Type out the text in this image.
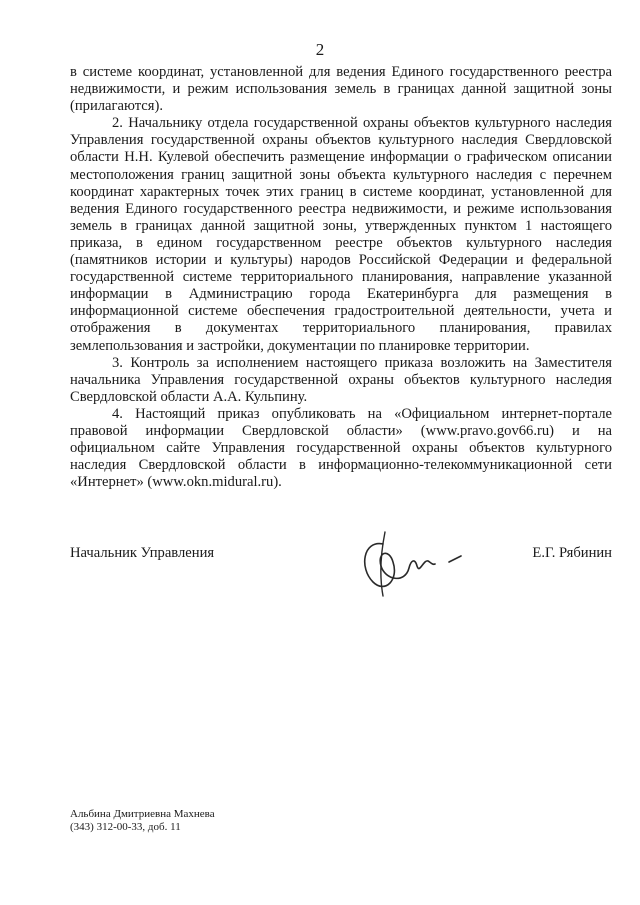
2

в системе координат, установленной для ведения Единого государственного реестра недвижимости, и режим использования земель в границах данной защитной зоны (прилагаются).

2. Начальнику отдела государственной охраны объектов культурного наследия Управления государственной охраны объектов культурного наследия Свердловской области Н.Н. Кулевой обеспечить размещение информации о графическом описании местоположения границ защитной зоны объекта культурного наследия с перечнем координат характерных точек этих границ в системе координат, установленной для ведения Единого государственного реестра недвижимости, и режиме использования земель в границах данной защитной зоны, утвержденных пунктом 1 настоящего приказа, в едином государственном реестре объектов культурного наследия (памятников истории и культуры) народов Российской Федерации и федеральной государственной системе территориального планирования, направление указанной информации в Администрацию города Екатеринбурга для размещения в информационной системе обеспечения градостроительной деятельности, учета и отображения в документах территориального планирования, правилах землепользования и застройки, документации по планировке территории.

3. Контроль за исполнением настоящего приказа возложить на Заместителя начальника Управления государственной охраны объектов культурного наследия Свердловской области А.А. Кульпину.

4. Настоящий приказ опубликовать на «Официальном интернет-портале правовой информации Свердловской области» (www.pravo.gov66.ru) и на официальном сайте Управления государственной охраны объектов культурного наследия Свердловской области в информационно-телекоммуникационной сети «Интернет» (www.okn.midural.ru).

Начальник Управления	Е.Г. Рябинин
Альбина Дмитриевна Махнева
(343) 312-00-33, доб. 11
